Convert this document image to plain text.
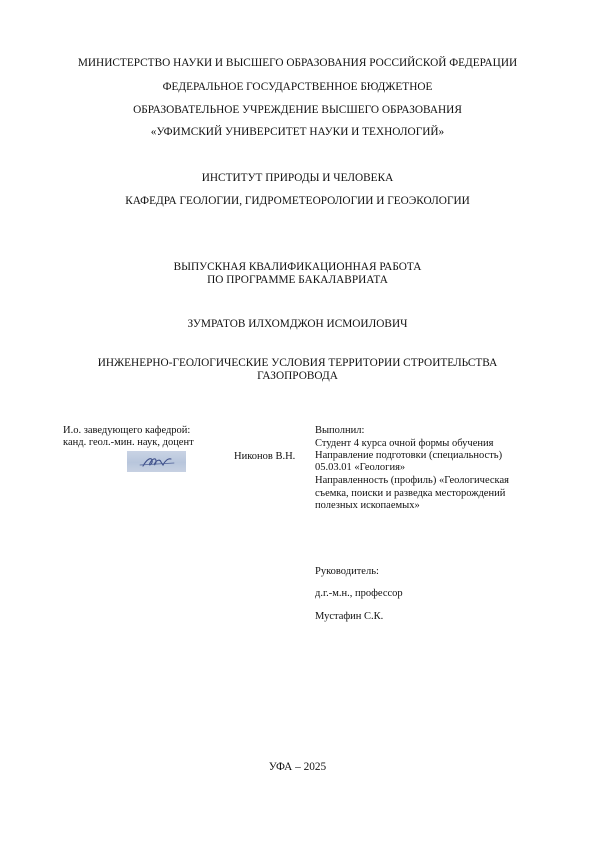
МИНИСТЕРСТВО НАУКИ И ВЫСШЕГО ОБРАЗОВАНИЯ РОССИЙСКОЙ ФЕДЕРАЦИИ
ФЕДЕРАЛЬНОЕ ГОСУДАРСТВЕННОЕ БЮДЖЕТНОЕ
ОБРАЗОВАТЕЛЬНОЕ УЧРЕЖДЕНИЕ ВЫСШЕГО ОБРАЗОВАНИЯ
«УФИМСКИЙ УНИВЕРСИТЕТ НАУКИ И ТЕХНОЛОГИЙ»
ИНСТИТУТ ПРИРОДЫ И ЧЕЛОВЕКА
КАФЕДРА ГЕОЛОГИИ, ГИДРОМЕТЕОРОЛОГИИ И ГЕОЭКОЛОГИИ
ВЫПУСКНАЯ КВАЛИФИКАЦИОННАЯ РАБОТА
ПО ПРОГРАММЕ БАКАЛАВРИАТА
ЗУМРАТОВ ИЛХОМДЖОН ИСМОИЛОВИЧ
ИНЖЕНЕРНО-ГЕОЛОГИЧЕСКИЕ УСЛОВИЯ ТЕРРИТОРИИ СТРОИТЕЛЬСТВА
ГАЗОПРОВОДА
И.о. заведующего кафедрой:
канд. геол.-мин. наук, доцент
Никонов В.Н.
Выполнил:
Студент 4 курса очной формы обучения
Направление подготовки (специальность)
05.03.01 «Геология»
Направленность (профиль) «Геологическая
съемка, поиски и разведка месторождений
полезных ископаемых»
Руководитель:
д.г.-м.н., профессор
Мустафин С.К.
УФА – 2025
